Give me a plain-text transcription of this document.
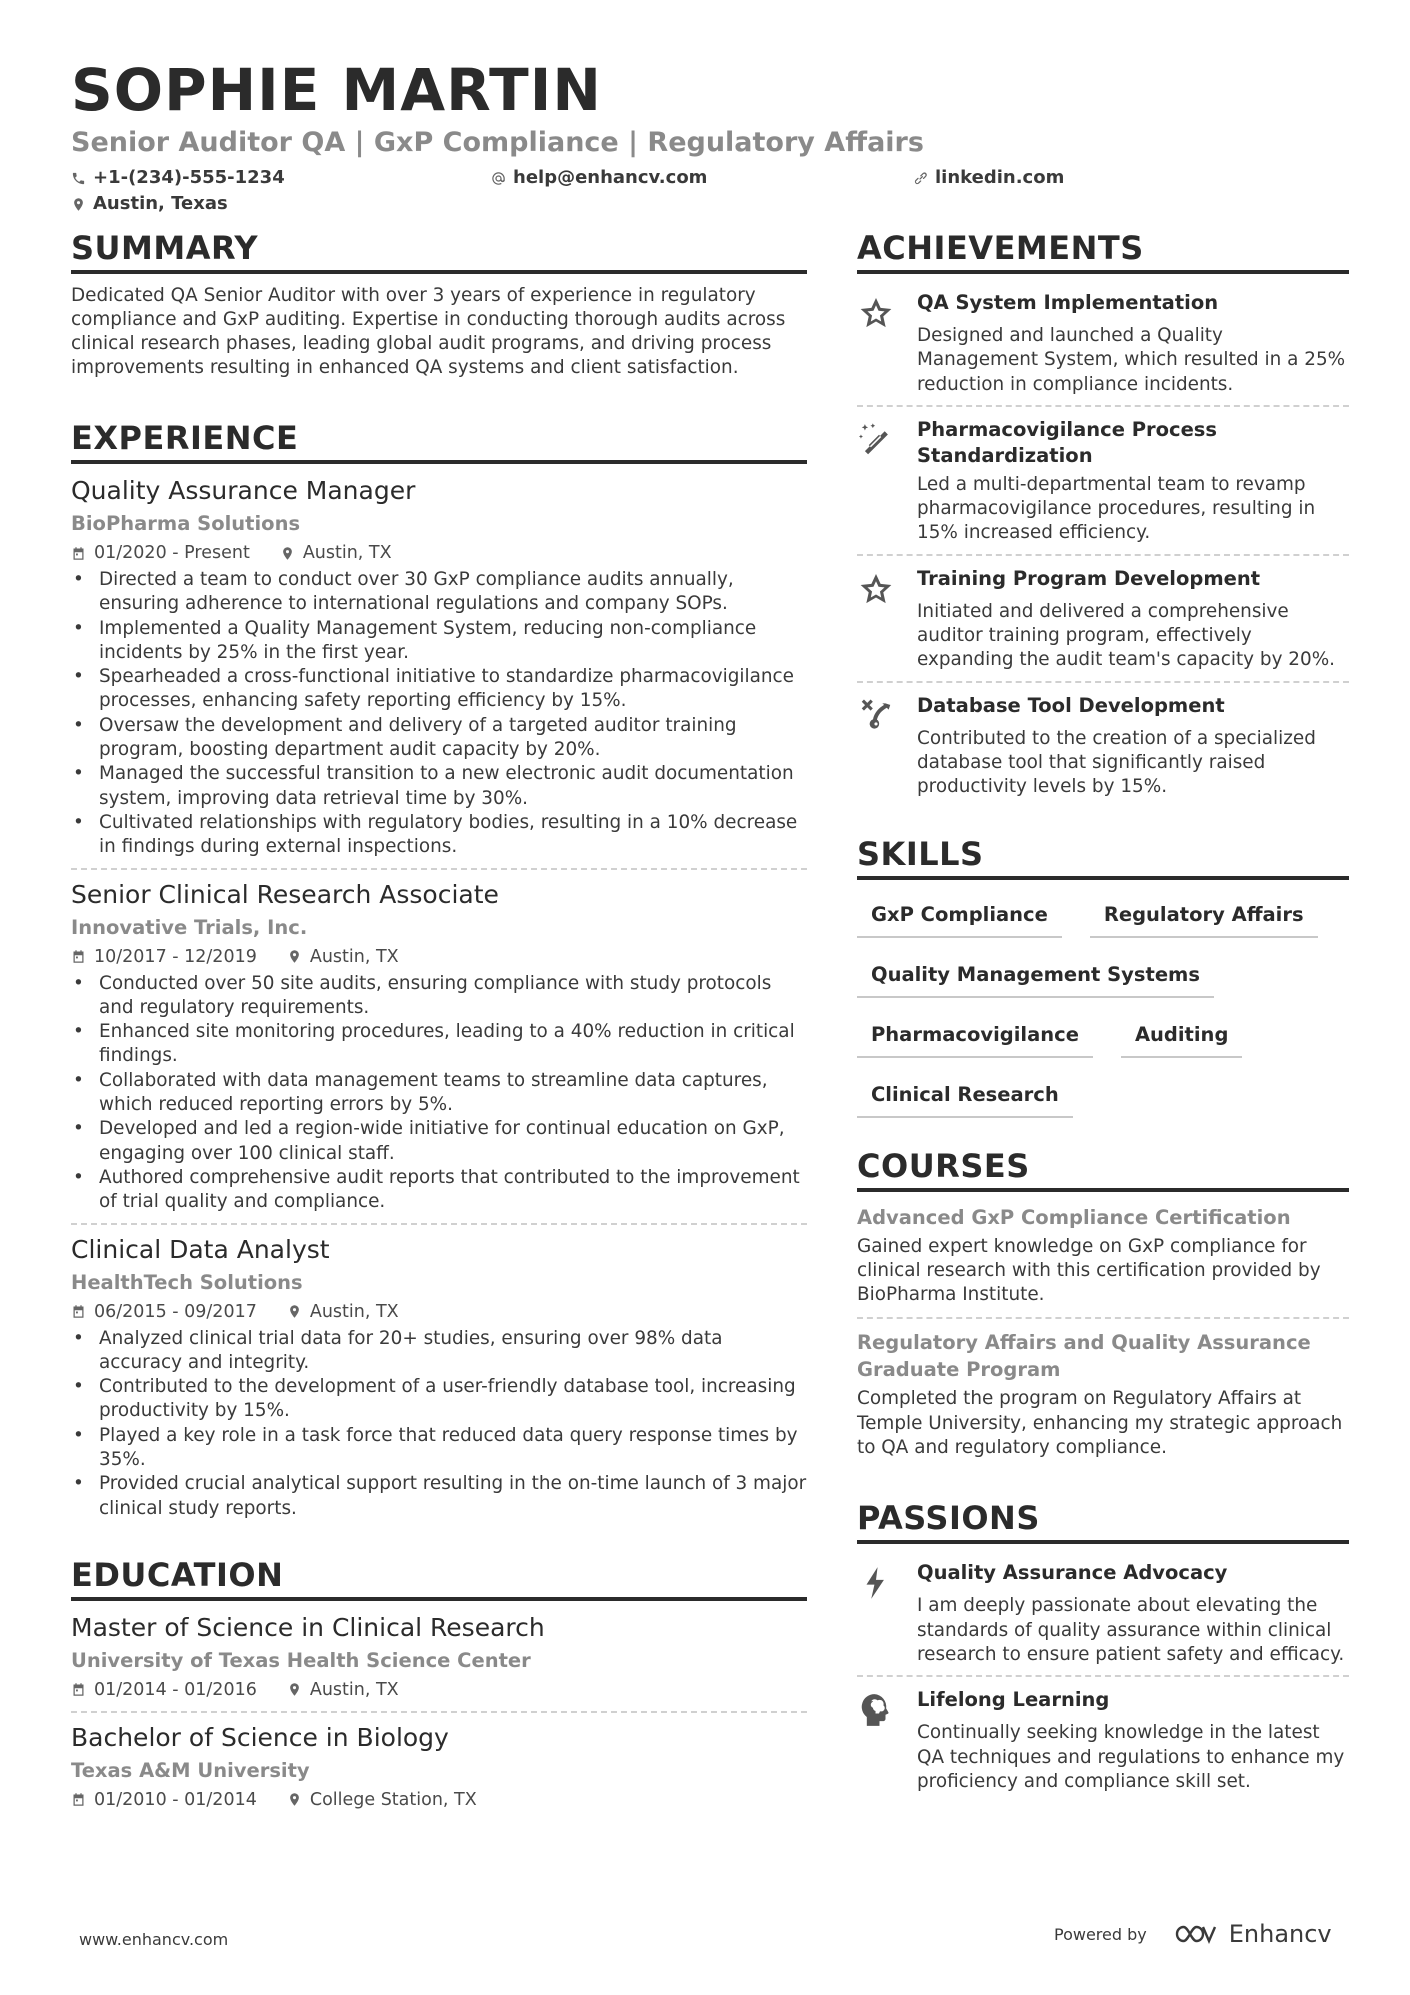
SOPHIE MARTIN
Senior Auditor QA | GxP Compliance | Regulatory Affairs
+1-(234)-555-1234	help@enhancv.com	linkedin.com
Austin, Texas
SUMMARY
Dedicated QA Senior Auditor with over 3 years of experience in regulatory compliance and GxP auditing. Expertise in conducting thorough audits across clinical research phases, leading global audit programs, and driving process improvements resulting in enhanced QA systems and client satisfaction.
EXPERIENCE
Quality Assurance Manager
BioPharma Solutions
01/2020 - Present	Austin, TX
• Directed a team to conduct over 30 GxP compliance audits annually, ensuring adherence to international regulations and company SOPs.
• Implemented a Quality Management System, reducing non-compliance incidents by 25% in the first year.
• Spearheaded a cross-functional initiative to standardize pharmacovigilance processes, enhancing safety reporting efficiency by 15%.
• Oversaw the development and delivery of a targeted auditor training program, boosting department audit capacity by 20%.
• Managed the successful transition to a new electronic audit documentation system, improving data retrieval time by 30%.
• Cultivated relationships with regulatory bodies, resulting in a 10% decrease in findings during external inspections.
Senior Clinical Research Associate
Innovative Trials, Inc.
10/2017 - 12/2019	Austin, TX
• Conducted over 50 site audits, ensuring compliance with study protocols and regulatory requirements.
• Enhanced site monitoring procedures, leading to a 40% reduction in critical findings.
• Collaborated with data management teams to streamline data captures, which reduced reporting errors by 5%.
• Developed and led a region-wide initiative for continual education on GxP, engaging over 100 clinical staff.
• Authored comprehensive audit reports that contributed to the improvement of trial quality and compliance.
Clinical Data Analyst
HealthTech Solutions
06/2015 - 09/2017	Austin, TX
• Analyzed clinical trial data for 20+ studies, ensuring over 98% data accuracy and integrity.
• Contributed to the development of a user-friendly database tool, increasing productivity by 15%.
• Played a key role in a task force that reduced data query response times by 35%.
• Provided crucial analytical support resulting in the on-time launch of 3 major clinical study reports.
EDUCATION
Master of Science in Clinical Research
University of Texas Health Science Center
01/2014 - 01/2016	Austin, TX
Bachelor of Science in Biology
Texas A&M University
01/2010 - 01/2014	College Station, TX
ACHIEVEMENTS
QA System Implementation
Designed and launched a Quality Management System, which resulted in a 25% reduction in compliance incidents.
Pharmacovigilance Process Standardization
Led a multi-departmental team to revamp pharmacovigilance procedures, resulting in 15% increased efficiency.
Training Program Development
Initiated and delivered a comprehensive auditor training program, effectively expanding the audit team's capacity by 20%.
Database Tool Development
Contributed to the creation of a specialized database tool that significantly raised productivity levels by 15%.
SKILLS
GxP Compliance	Regulatory Affairs
Quality Management Systems
Pharmacovigilance	Auditing
Clinical Research
COURSES
Advanced GxP Compliance Certification
Gained expert knowledge on GxP compliance for clinical research with this certification provided by BioPharma Institute.
Regulatory Affairs and Quality Assurance Graduate Program
Completed the program on Regulatory Affairs at Temple University, enhancing my strategic approach to QA and regulatory compliance.
PASSIONS
Quality Assurance Advocacy
I am deeply passionate about elevating the standards of quality assurance within clinical research to ensure patient safety and efficacy.
Lifelong Learning
Continually seeking knowledge in the latest QA techniques and regulations to enhance my proficiency and compliance skill set.
www.enhancv.com	Powered by	Enhancv
